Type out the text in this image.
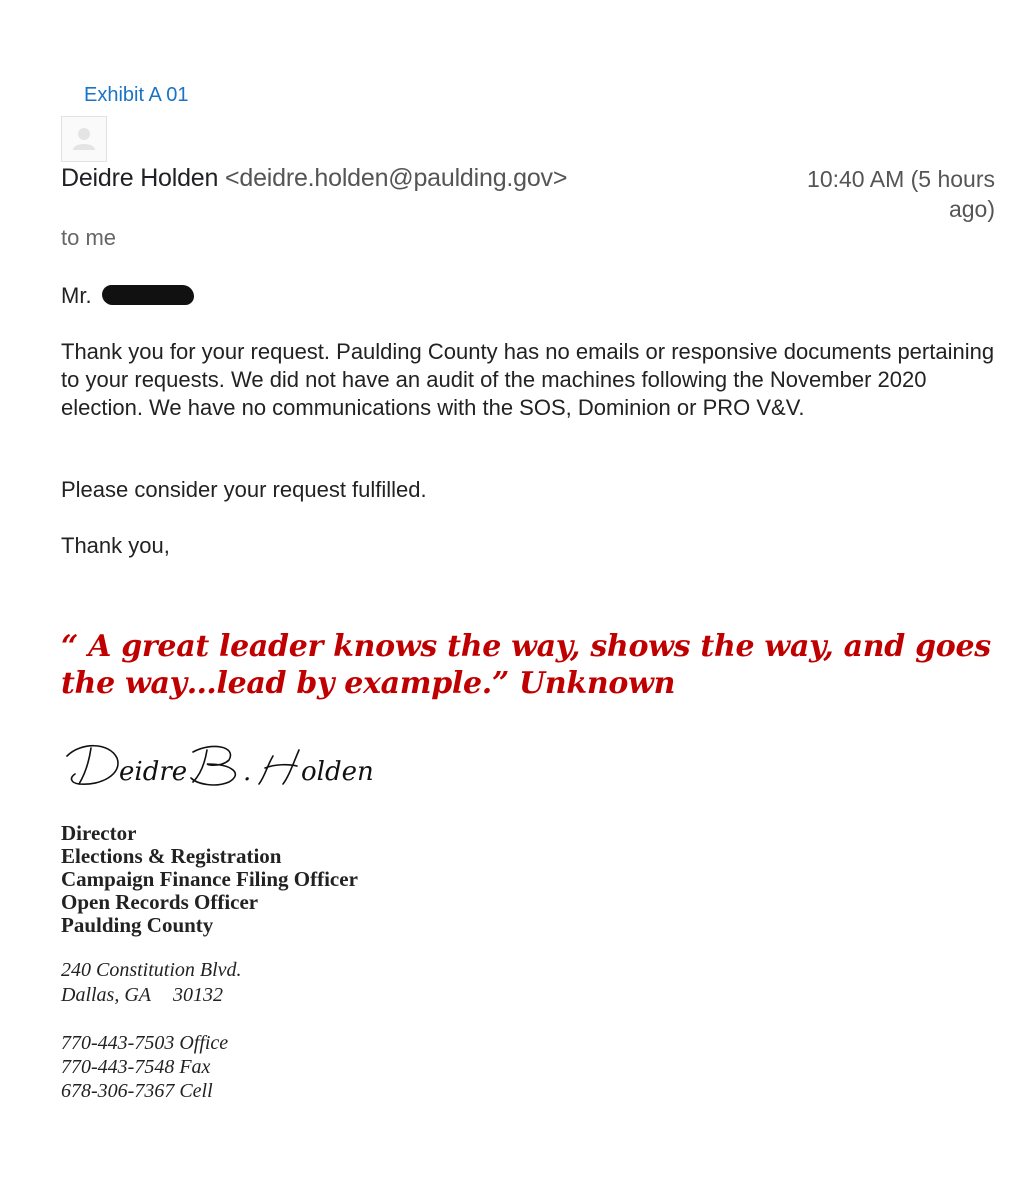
Exhibit A 01
Deidre Holden <deidre.holden@paulding.gov>	10:40 AM (5 hours ago)
to me
Mr.
Thank you for your request. Paulding County has no emails or responsive documents pertaining to your requests. We did not have an audit of the machines following the November 2020 election. We have no communications with the SOS, Dominion or PRO V&V.
Please consider your request fulfilled.
Thank you,
“ A great leader knows the way, shows the way, and goes the way…lead by example.” Unknown
eidre . olden
Director
Elections & Registration
Campaign Finance Filing Officer
Open Records Officer
Paulding County
240 Constitution Blvd.
Dallas, GA 30132
770-443-7503 Office
770-443-7548 Fax
678-306-7367 Cell
